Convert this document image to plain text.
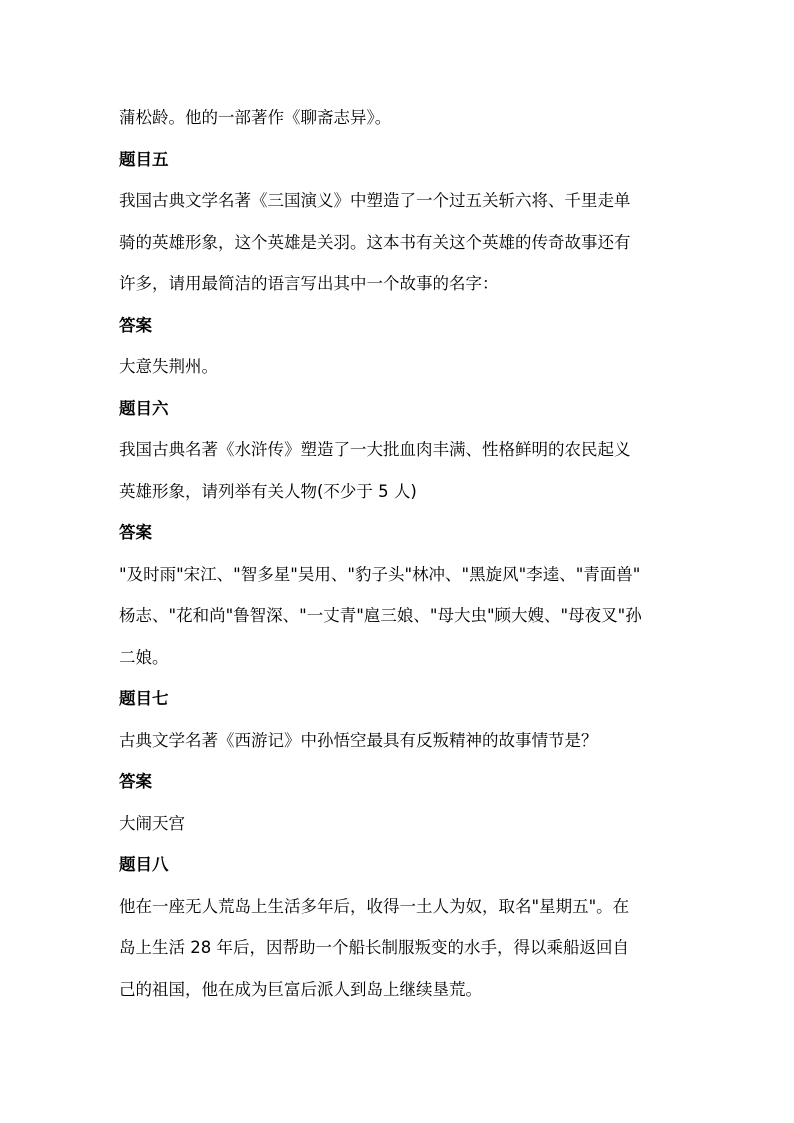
蒲松龄。他的一部著作《聊斋志异》。
题目五
我国古典文学名著《三国演义》中塑造了一个过五关斩六将、千里走单
骑的英雄形象，这个英雄是关羽。这本书有关这个英雄的传奇故事还有
许多，请用最简洁的语言写出其中一个故事的名字：
答案
大意失荆州。
题目六
我国古典名著《水浒传》塑造了一大批血肉丰满、性格鲜明的农民起义
英雄形象，请列举有关人物(不少于 5 人)
答案
"及时雨"宋江、"智多星"吴用、"豹子头"林冲、"黑旋风"李逵、"青面兽"
杨志、"花和尚"鲁智深、"一丈青"扈三娘、"母大虫"顾大嫂、"母夜叉"孙
二娘。
题目七
古典文学名著《西游记》中孙悟空最具有反叛精神的故事情节是？
答案
大闹天宫
题目八
他在一座无人荒岛上生活多年后，收得一土人为奴，取名"星期五"。在
岛上生活 28 年后，因帮助一个船长制服叛变的水手，得以乘船返回自
己的祖国，他在成为巨富后派人到岛上继续垦荒。
